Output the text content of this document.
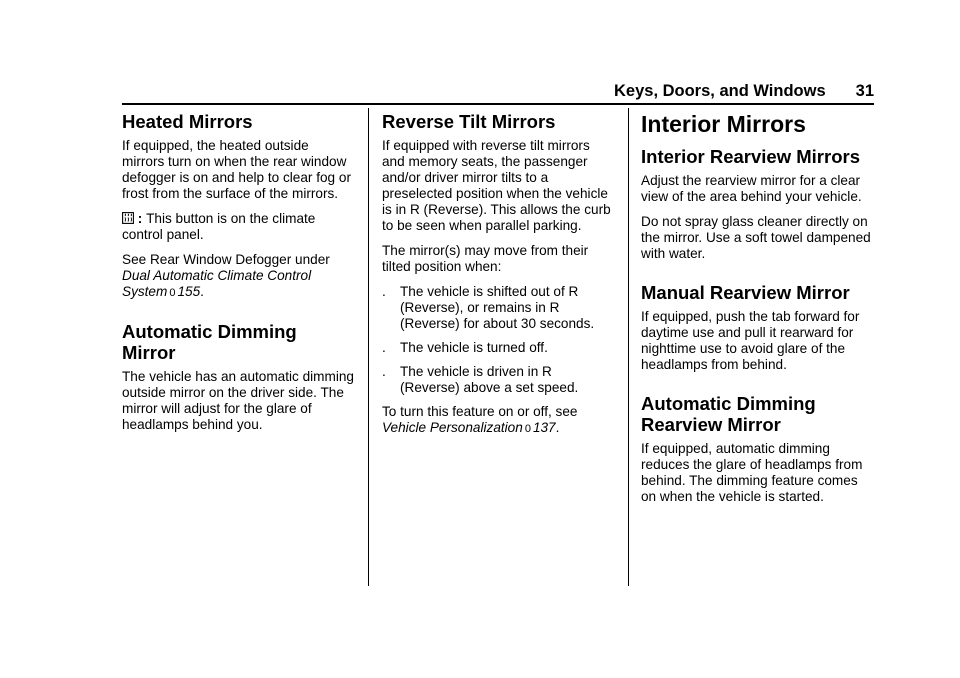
Keys, Doors, and Windows 31
Heated Mirrors

If equipped, the heated outside mirrors turn on when the rear window defogger is on and help to clear fog or frost from the surface of the mirrors.

: This button is on the climate control panel.

See Rear Window Defogger under Dual Automatic Climate Control System 0 155.

Automatic Dimming
Mirror

The vehicle has an automatic dimming outside mirror on the driver side. The mirror will adjust for the glare of headlamps behind you.

Reverse Tilt Mirrors

If equipped with reverse tilt mirrors and memory seats, the passenger and/or driver mirror tilts to a preselected position when the vehicle is in R (Reverse). This allows the curb to be seen when parallel parking.

The mirror(s) may move from their tilted position when:

.	The vehicle is shifted out of R (Reverse), or remains in R (Reverse) for about 30 seconds.
.	The vehicle is turned off.
.	The vehicle is driven in R (Reverse) above a set speed.

To turn this feature on or off, see
Vehicle Personalization 0 137.

Interior Mirrors
Interior Rearview Mirrors

Adjust the rearview mirror for a clear view of the area behind your vehicle.

Do not spray glass cleaner directly on the mirror. Use a soft towel dampened with water.

Manual Rearview Mirror

If equipped, push the tab forward for daytime use and pull it rearward for nighttime use to avoid glare of the headlamps from behind.

Automatic Dimming
Rearview Mirror

If equipped, automatic dimming reduces the glare of headlamps from behind. The dimming feature comes on when the vehicle is started.
